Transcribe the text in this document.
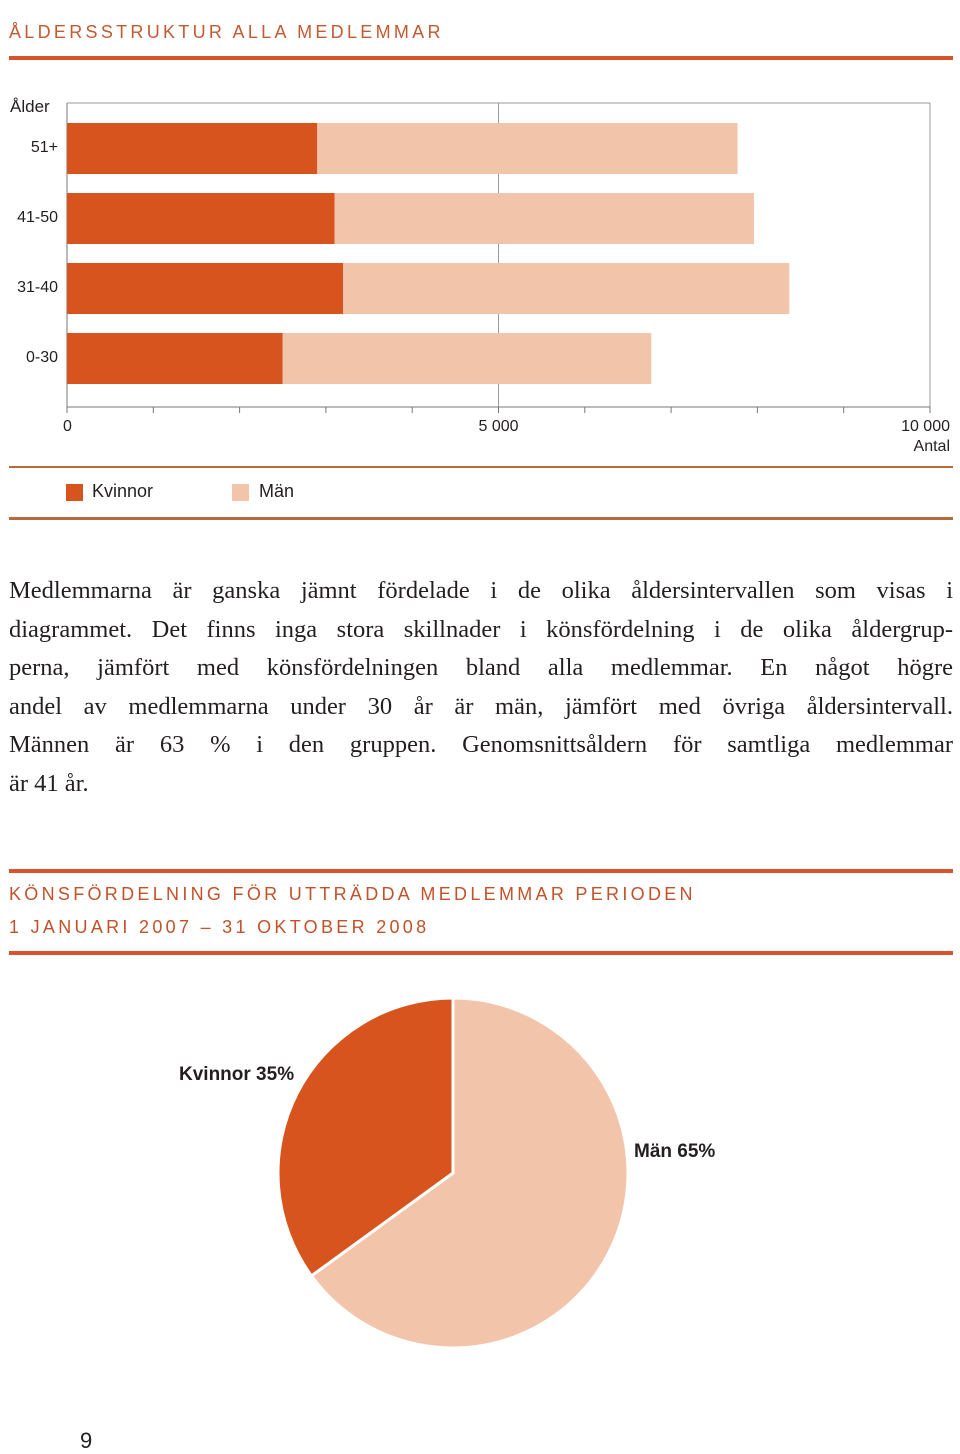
ÅLDERSSTRUKTUR ALLA MEDLEMMAR
Ålder
51+
41-50
31-40
0-30
0	5 000	10 000
Antal
Kvinnor	Män

Medlemmarna är ganska jämnt fördelade i de olika åldersintervallen som visas i
diagrammet. Det finns inga stora skillnader i könsfördelning i de olika åldergrup-
perna, jämfört med könsfördelningen bland alla medlemmar. En något högre
andel av medlemmarna under 30 år är män, jämfört med övriga åldersintervall.
Männen är 63 % i den gruppen. Genomsnittsåldern för samtliga medlemmar
är 41 år.

KÖNSFÖRDELNING FÖR UTTRÄDDA MEDLEMMAR PERIODEN
1 JANUARI 2007 – 31 OKTOBER 2008
Kvinnor 35%
Män 65%
9
